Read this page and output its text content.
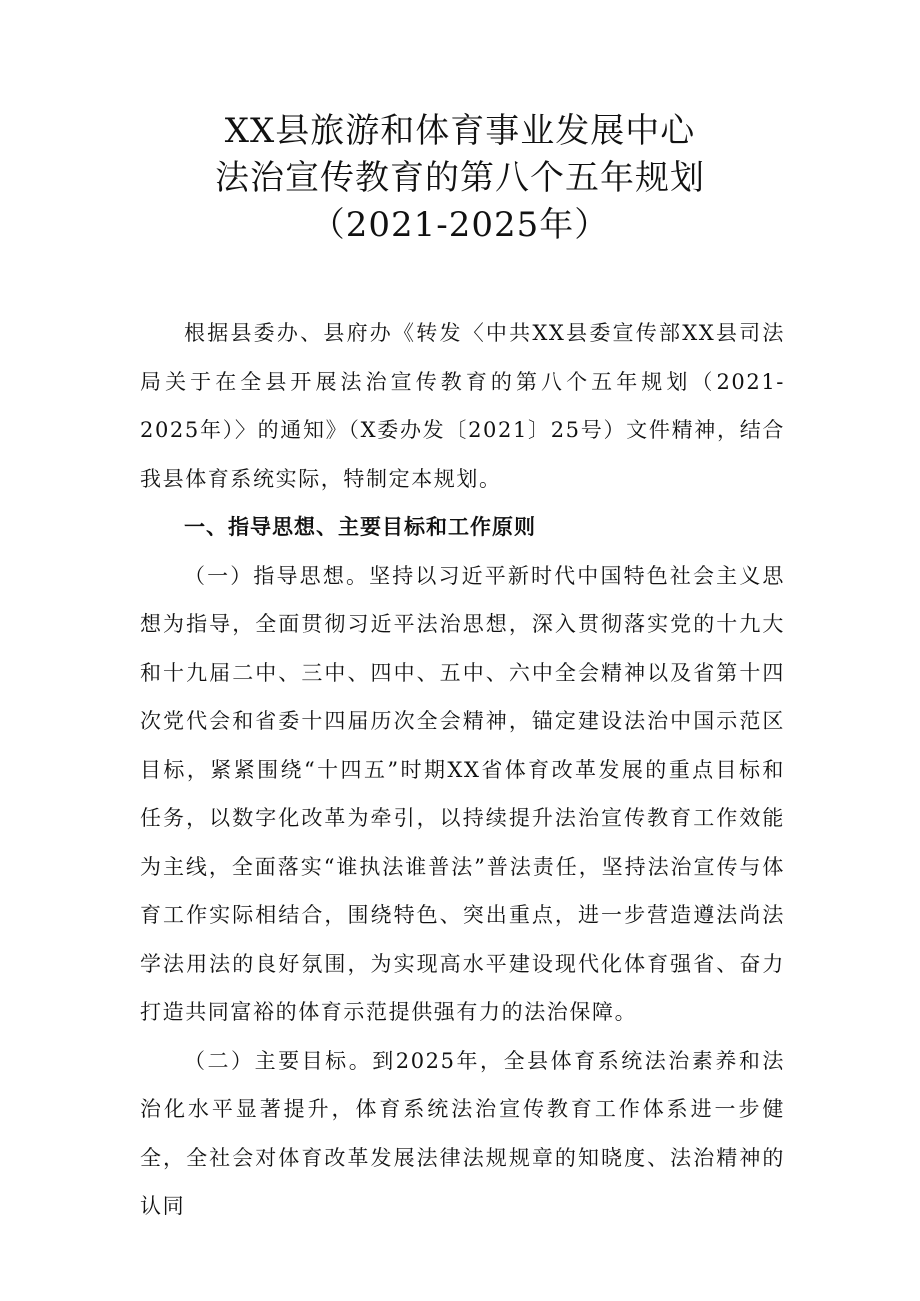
XX县旅游和体育事业发展中心
法治宣传教育的第八个五年规划
（2021-2025年）

根据县委办、县府办《转发〈中共XX县委宣传部XX县司法局关于在全县开展法治宣传教育的第八个五年规划（2021-2025年）〉的通知》（X委办发〔2021〕25号）文件精神，结合我县体育系统实际，特制定本规划。

一、指导思想、主要目标和工作原则

（一）指导思想。坚持以习近平新时代中国特色社会主义思想为指导，全面贯彻习近平法治思想，深入贯彻落实党的十九大和十九届二中、三中、四中、五中、六中全会精神以及省第十四次党代会和省委十四届历次全会精神，锚定建设法治中国示范区目标，紧紧围绕“十四五”时期XX省体育改革发展的重点目标和任务，以数字化改革为牵引，以持续提升法治宣传教育工作效能为主线，全面落实“谁执法谁普法”普法责任，坚持法治宣传与体育工作实际相结合，围绕特色、突出重点，进一步营造遵法尚法学法用法的良好氛围，为实现高水平建设现代化体育强省、奋力打造共同富裕的体育示范提供强有力的法治保障。

（二）主要目标。到2025年，全县体育系统法治素养和法治化水平显著提升，体育系统法治宣传教育工作体系进一步健全，全社会对体育改革发展法律法规规章的知晓度、法治精神的认同
